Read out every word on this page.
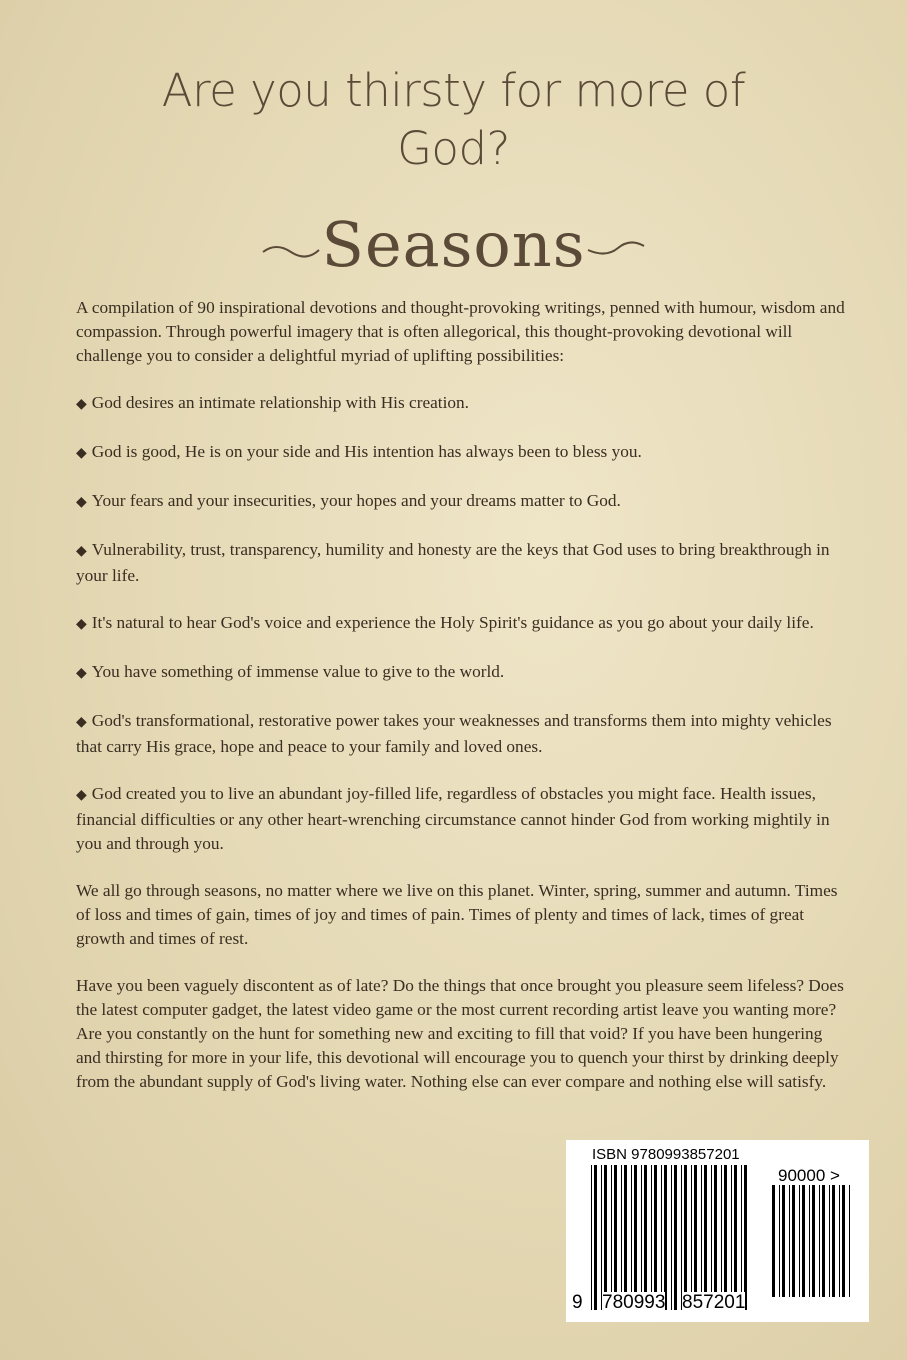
Are you thirsty for more of
God?
Seasons

A compilation of 90 inspirational devotions and thought-provoking writings, penned with humour, wisdom and compassion. Through powerful imagery that is often allegorical, this thought-provoking devotional will challenge you to consider a delightful myriad of uplifting possibilities:

◆ God desires an intimate relationship with His creation.

◆ God is good, He is on your side and His intention has always been to bless you.

◆ Your fears and your insecurities, your hopes and your dreams matter to God.

◆ Vulnerability, trust, transparency, humility and honesty are the keys that God uses to bring breakthrough in your life.

◆ It's natural to hear God's voice and experience the Holy Spirit's guidance as you go about your daily life.

◆ You have something of immense value to give to the world.

◆ God's transformational, restorative power takes your weaknesses and transforms them into mighty vehicles that carry His grace, hope and peace to your family and loved ones.

◆ God created you to live an abundant joy-filled life, regardless of obstacles you might face. Health issues, financial difficulties or any other heart-wrenching circumstance cannot hinder God from working mightily in you and through you.

We all go through seasons, no matter where we live on this planet. Winter, spring, summer and autumn. Times of loss and times of gain, times of joy and times of pain. Times of plenty and times of lack, times of great growth and times of rest.

Have you been vaguely discontent as of late? Do the things that once brought you pleasure seem lifeless? Does the latest computer gadget, the latest video game or the most current recording artist leave you wanting more? Are you constantly on the hunt for something new and exciting to fill that void? If you have been hungering and thirsting for more in your life, this devotional will encourage you to quench your thirst by drinking deeply from the abundant supply of God's living water. Nothing else can ever compare and nothing else will satisfy.

ISBN 9780993857201
90000 >
9 780993 857201
